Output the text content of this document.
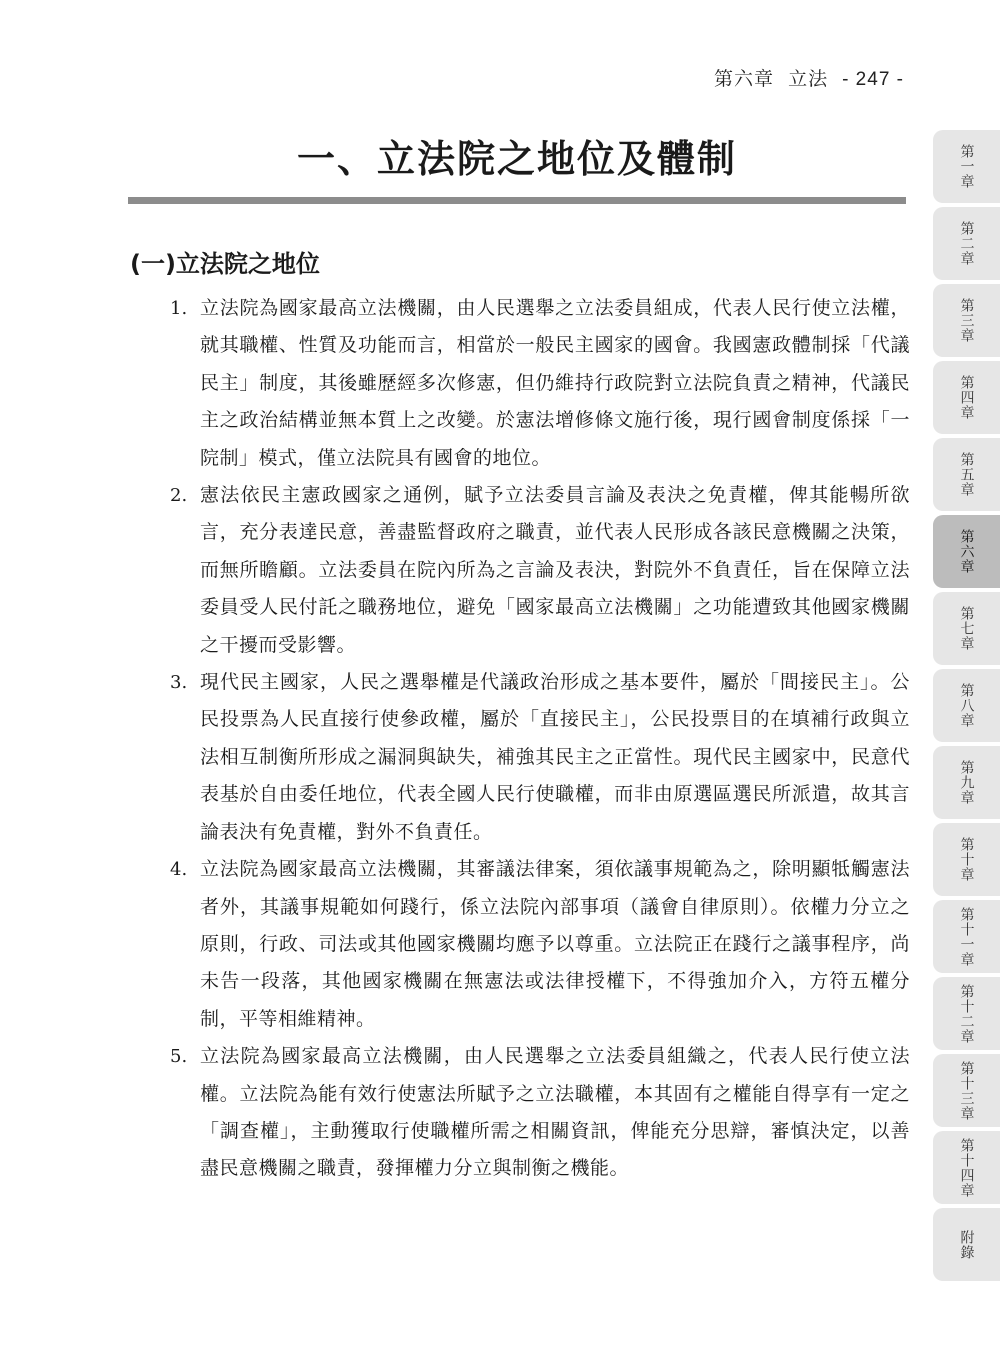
第六章 立法 - 247 -
一、立法院之地位及體制
(一)立法院之地位
1. 立法院為國家最高立法機關，由人民選舉之立法委員組成，代表人民行使立法權，就其職權、性質及功能而言，相當於一般民主國家的國會。我國憲政體制採「代議民主」制度，其後雖歷經多次修憲，但仍維持行政院對立法院負責之精神，代議民主之政治結構並無本質上之改變。於憲法增修條文施行後，現行國會制度係採「一院制」模式，僅立法院具有國會的地位。

2. 憲法依民主憲政國家之通例，賦予立法委員言論及表決之免責權，俾其能暢所欲言，充分表達民意，善盡監督政府之職責，並代表人民形成各該民意機關之決策，而無所瞻顧。立法委員在院內所為之言論及表決，對院外不負責任，旨在保障立法委員受人民付託之職務地位，避免「國家最高立法機關」之功能遭致其他國家機關之干擾而受影響。

3. 現代民主國家，人民之選舉權是代議政治形成之基本要件，屬於「間接民主」。公民投票為人民直接行使參政權，屬於「直接民主」，公民投票目的在填補行政與立法相互制衡所形成之漏洞與缺失，補強其民主之正當性。現代民主國家中，民意代表基於自由委任地位，代表全國人民行使職權，而非由原選區選民所派遣，故其言論表決有免責權，對外不負責任。

4. 立法院為國家最高立法機關，其審議法律案，須依議事規範為之，除明顯牴觸憲法者外，其議事規範如何踐行，係立法院內部事項（議會自律原則）。依權力分立之原則，行政、司法或其他國家機關均應予以尊重。立法院正在踐行之議事程序，尚未告一段落，其他國家機關在無憲法或法律授權下，不得強加介入，方符五權分制，平等相維精神。

5. 立法院為國家最高立法機關，由人民選舉之立法委員組織之，代表人民行使立法權。立法院為能有效行使憲法所賦予之立法職權，本其固有之權能自得享有一定之「調查權」，主動獲取行使職權所需之相關資訊，俾能充分思辯，審慎決定，以善盡民意機關之職責，發揮權力分立與制衡之機能。

第一章
第二章
第三章
第四章
第五章
第六章
第七章
第八章
第九章
第十章
第十一章
第十二章
第十三章
第十四章
附錄
